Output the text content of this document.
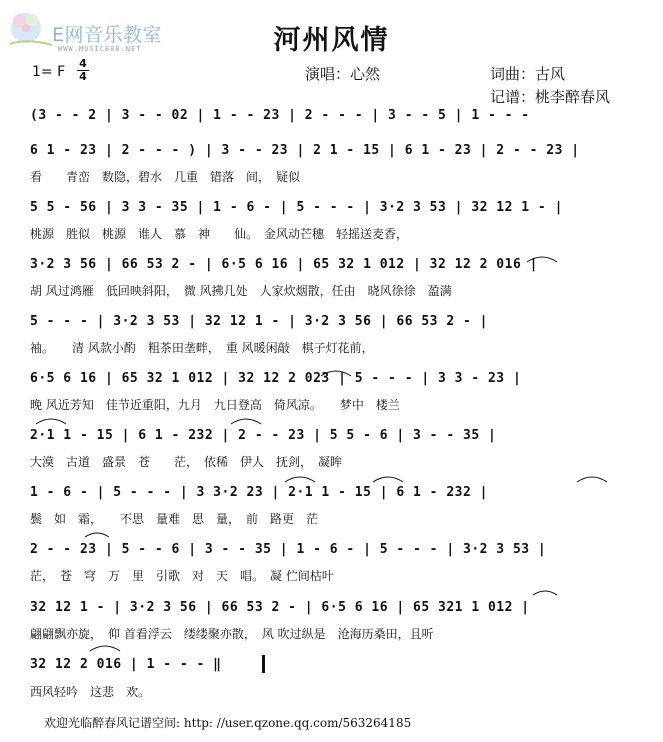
E网音乐教室
WWW.MUSIC888.NET	河州风情
1= F
4
4	演唱：心然	词曲：古风
记谱：桃李醉春风
(3 - - 2 | 3 - - 02 | 1 - - 23 | 2 - - - | 3 - - 5 | 1 - - -
6 1 - 23 | 2 - - - ) | 3 - - 23 | 2 1 - 15 | 6 1 - 23 | 2 - - 23 |
看　　青峦　数隐，碧水　几重　错落　间，　疑似
5 5 - 56 | 3 3 - 35 | 1 - 6 - | 5 - - - | 3·2 3 53 | 32 12 1 - |
桃源　胜似　桃源　谁人　慕　神　　仙。　金风动芒穗　轻摇送麦香，
3·2 3 56 | 66 53 2 - | 6·5 6 16 | 65 32 1 012 | 32 12 2 016 |
胡 风过鸿雁　低回映斜阳，　微 风拂几处　人家炊烟散，任由　晓风徐徐　盈满
5 - - - | 3·2 3 53 | 32 12 1 - | 3·2 3 56 | 66 53 2 - |
袖。　　清 风款小酌　粗茶田垄畔，　重 风暖闲敲　棋子灯花前，
6·5 6 16 | 65 32 1 012 | 32 12 2 023 | 5 - - - | 3 3 - 23 |
晚 风近芳知　佳节近重阳，九月　九日登高　倚风凉。　　梦中　楼兰
2·1 1 - 15 | 6 1 - 232 | 2 - - 23 | 5 5 - 6 | 3 - - 35 |
大漠　古道　盛景　苍　　茫，　依稀　伊人　抚剑，　凝眸
1 - 6 - | 5 - - - | 3 3·2 23 | 2·1 1 - 15 | 6 1 - 232 |
鬓　如　霜，　　不思　量难　思　量，　前　路更　茫
2 - - 23 | 5 - - 6 | 3 - - 35 | 1 - 6 - | 5 - - - | 3·2 3 53 |
茫，　苍　穹　万　里　引歌　对　天　唱。　凝 伫间枯叶
32 12 1 - | 3·2 3 56 | 66 53 2 - | 6·5 6 16 | 65 321 1 012 |
翩翩飘亦旋，　仰 首看浮云　缕缕聚亦散，　风 吹过纵是　沧海历桑田，且听
32 12 2 016 | 1 - - - ‖
西风轻吟　这悲　欢。
欢迎光临醉春风记谱空间: http: //user.qzone.qq.com/563264185
